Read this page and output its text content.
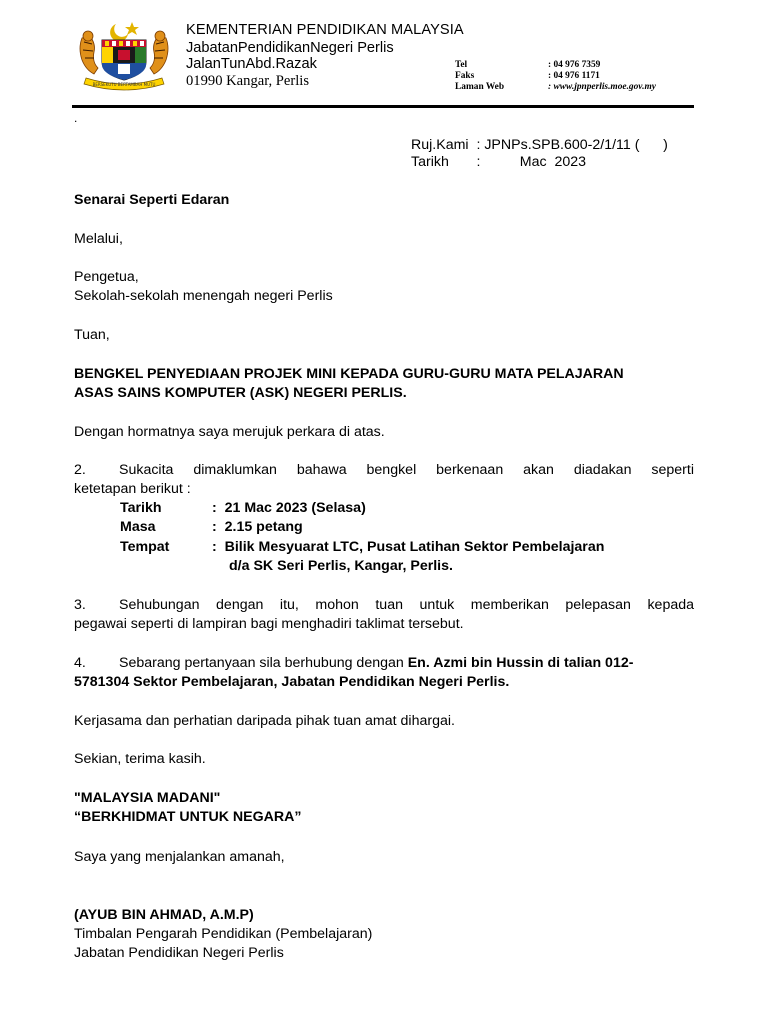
BERSEKUTU BERTAMBAH MUTU
KEMENTERIAN PENDIDIKAN MALAYSIA
JabatanPendidikanNegeri Perlis
JalanTunAbd.Razak
01990 Kangar, Perlis
Tel	: 04 976 7359
Faks	: 04 976 1171
Laman Web	: www.jpnperlis.moe.gov.my
.
Ruj.Kami : JPNPs.SPB.600-2/1/11 (      )
Tarikh :          Mac  2023
Senarai Seperti Edaran
Melalui,
Pengetua,
Sekolah-sekolah menengah negeri Perlis
Tuan,
BENGKEL PENYEDIAAN PROJEK MINI KEPADA GURU-GURU MATA PELAJARAN
ASAS SAINS KOMPUTER (ASK) NEGERI PERLIS.
Dengan hormatnya saya merujuk perkara di atas.
2. Sukacita dimaklumkan bahawa bengkel berkenaan akan diadakan seperti
ketetapan berikut :
Tarikh	:  21 Mac 2023 (Selasa)
Masa	:  2.15 petang
Tempat	:  Bilik Mesyuarat LTC, Pusat Latihan Sektor Pembelajaran
d/a SK Seri Perlis, Kangar, Perlis.
3. Sehubungan dengan itu, mohon tuan untuk memberikan pelepasan kepada
pegawai seperti di lampiran bagi menghadiri taklimat tersebut.
4. Sebarang pertanyaan sila berhubung dengan En. Azmi bin Hussin di talian 012-
5781304 Sektor Pembelajaran, Jabatan Pendidikan Negeri Perlis.
Kerjasama dan perhatian daripada pihak tuan amat dihargai.
Sekian, terima kasih.
"MALAYSIA MADANI"
“BERKHIDMAT UNTUK NEGARA”
Saya yang menjalankan amanah,
(AYUB BIN AHMAD, A.M.P)
Timbalan Pengarah Pendidikan (Pembelajaran)
Jabatan Pendidikan Negeri Perlis
